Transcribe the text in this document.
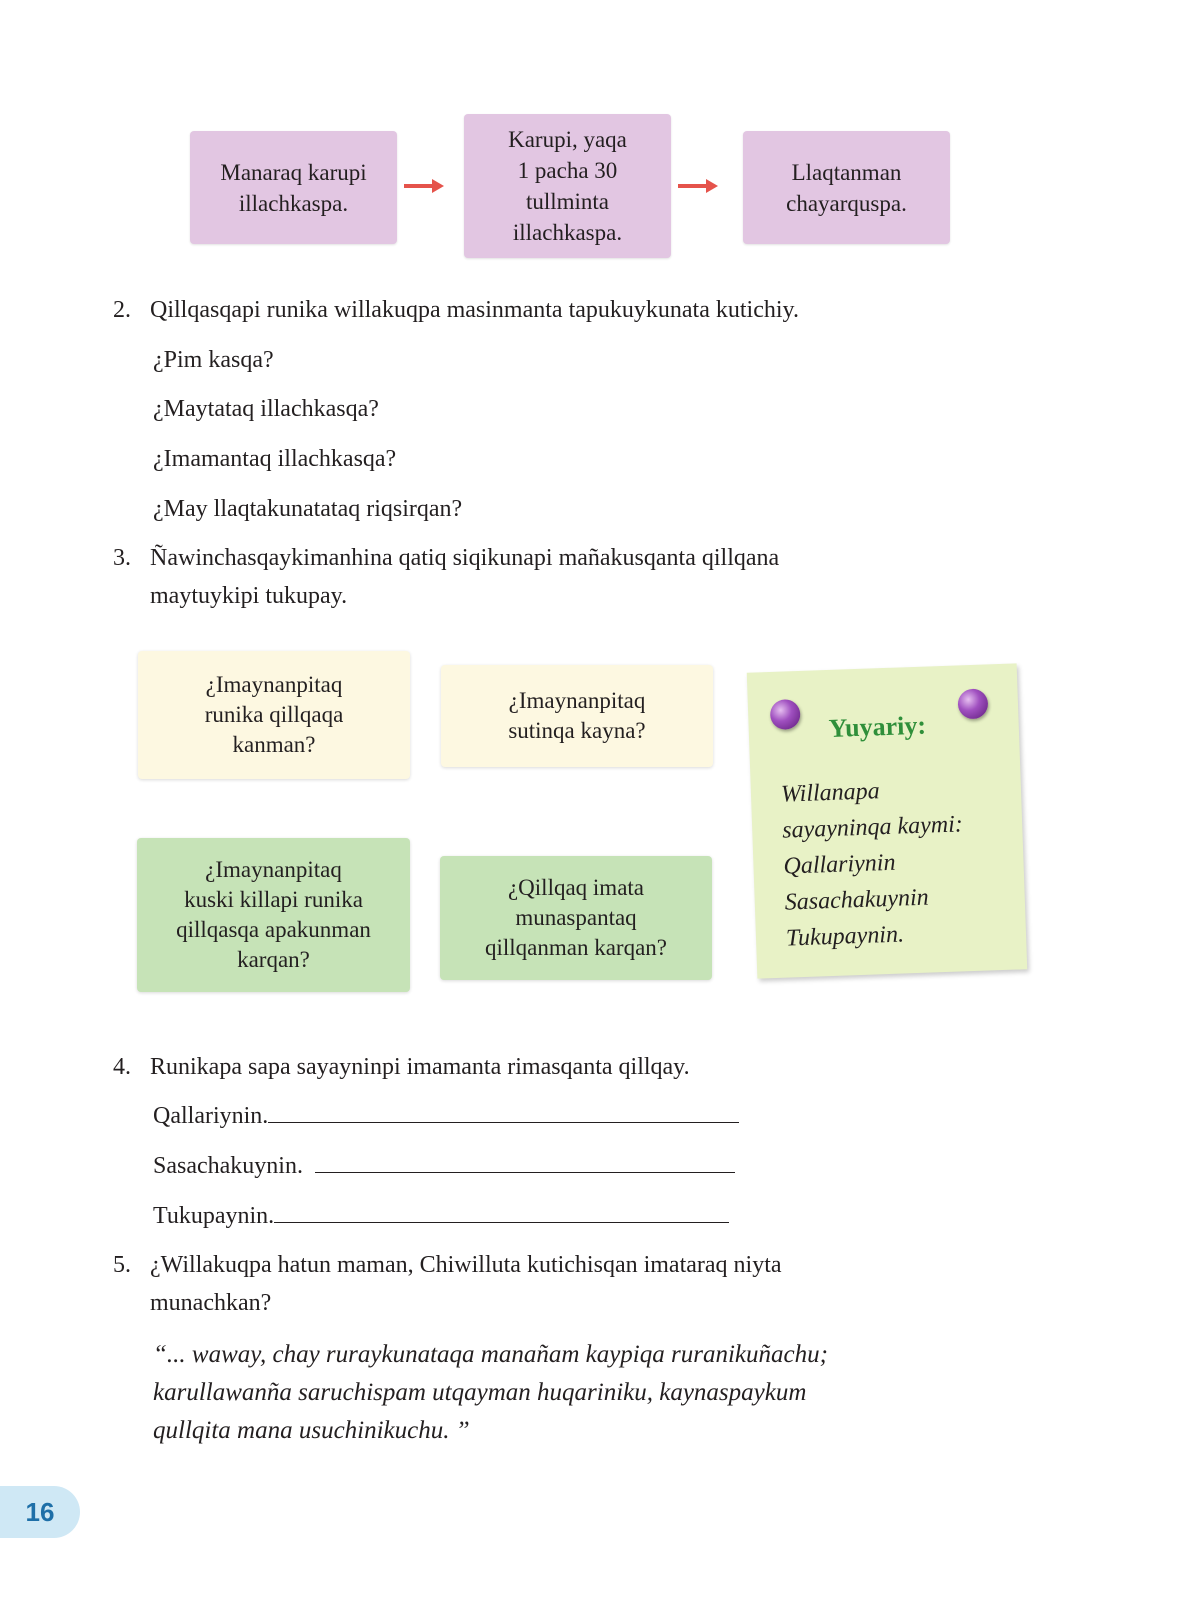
Manaraq karupi
illachkaspa.
Karupi, yaqa
1 pacha 30
tullminta
illachkaspa.
Llaqtanman
chayarquspa.
2. Qillqasqapi runika willakuqpa masinmanta tapukuykunata kutichiy.
¿Pim kasqa?
¿Maytataq illachkasqa?
¿Imamantaq illachkasqa?
¿May llaqtakunatataq riqsirqan?
3. Ñawinchasqaykimanhina qatiq siqikunapi mañakusqanta qillqana
maytuykipi tukupay.
¿Imaynanpitaq
runika qillqaqa
kanman?
¿Imaynanpitaq
sutinqa kayna?
¿Imaynanpitaq
kuski killapi runika
qillqasqa apakunman
karqan?
¿Qillqaq imata
munaspantaq
qillqanman karqan?
Yuyariy:
Willanapa
sayayninqa kaymi:
Qallariynin
Sasachakuynin
Tukupaynin.
4. Runikapa sapa sayayninpi imamanta rimasqanta qillqay.
Qallariynin.
Sasachakuynin.
Tukupaynin.
5. ¿Willakuqpa hatun maman, Chiwilluta kutichisqan imataraq niyta
munachkan?
“... waway, chay ruraykunataqa manañam kaypiqa ruranikuñachu;
karullawanña saruchispam utqayman huqariniku, kaynaspaykum
qullqita mana usuchinikuchu. ”
16
